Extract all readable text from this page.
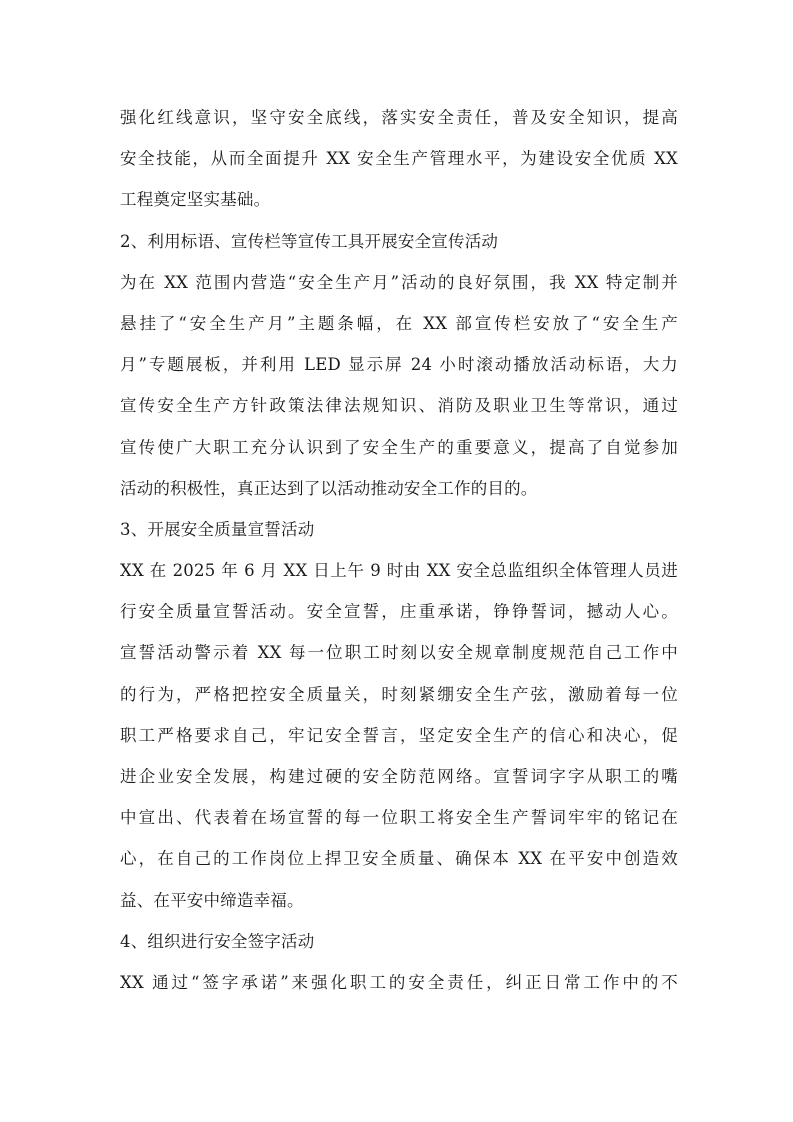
强化红线意识，坚守安全底线，落实安全责任，普及安全知识，提高
安全技能，从而全面提升 XX 安全生产管理水平，为建设安全优质 XX
工程奠定坚实基础。
2、利用标语、宣传栏等宣传工具开展安全宣传活动
为在 XX 范围内营造“安全生产月”活动的良好氛围，我 XX 特定制并
悬挂了“安全生产月”主题条幅，在 XX 部宣传栏安放了“安全生产
月”专题展板，并利用 LED 显示屏 24 小时滚动播放活动标语，大力
宣传安全生产方针政策法律法规知识、消防及职业卫生等常识，通过
宣传使广大职工充分认识到了安全生产的重要意义，提高了自觉参加
活动的积极性，真正达到了以活动推动安全工作的目的。
3、开展安全质量宣誓活动
XX 在 2025 年 6 月 XX 日上午 9 时由 XX 安全总监组织全体管理人员进
行安全质量宣誓活动。安全宣誓，庄重承诺，铮铮誓词，撼动人心。
宣誓活动警示着 XX 每一位职工时刻以安全规章制度规范自己工作中
的行为，严格把控安全质量关，时刻紧绷安全生产弦，激励着每一位
职工严格要求自己，牢记安全誓言，坚定安全生产的信心和决心，促
进企业安全发展，构建过硬的安全防范网络。宣誓词字字从职工的嘴
中宣出、代表着在场宣誓的每一位职工将安全生产誓词牢牢的铭记在
心，在自己的工作岗位上捍卫安全质量、确保本 XX 在平安中创造效
益、在平安中缔造幸福。
4、组织进行安全签字活动
XX 通过“签字承诺”来强化职工的安全责任，纠正日常工作中的不
